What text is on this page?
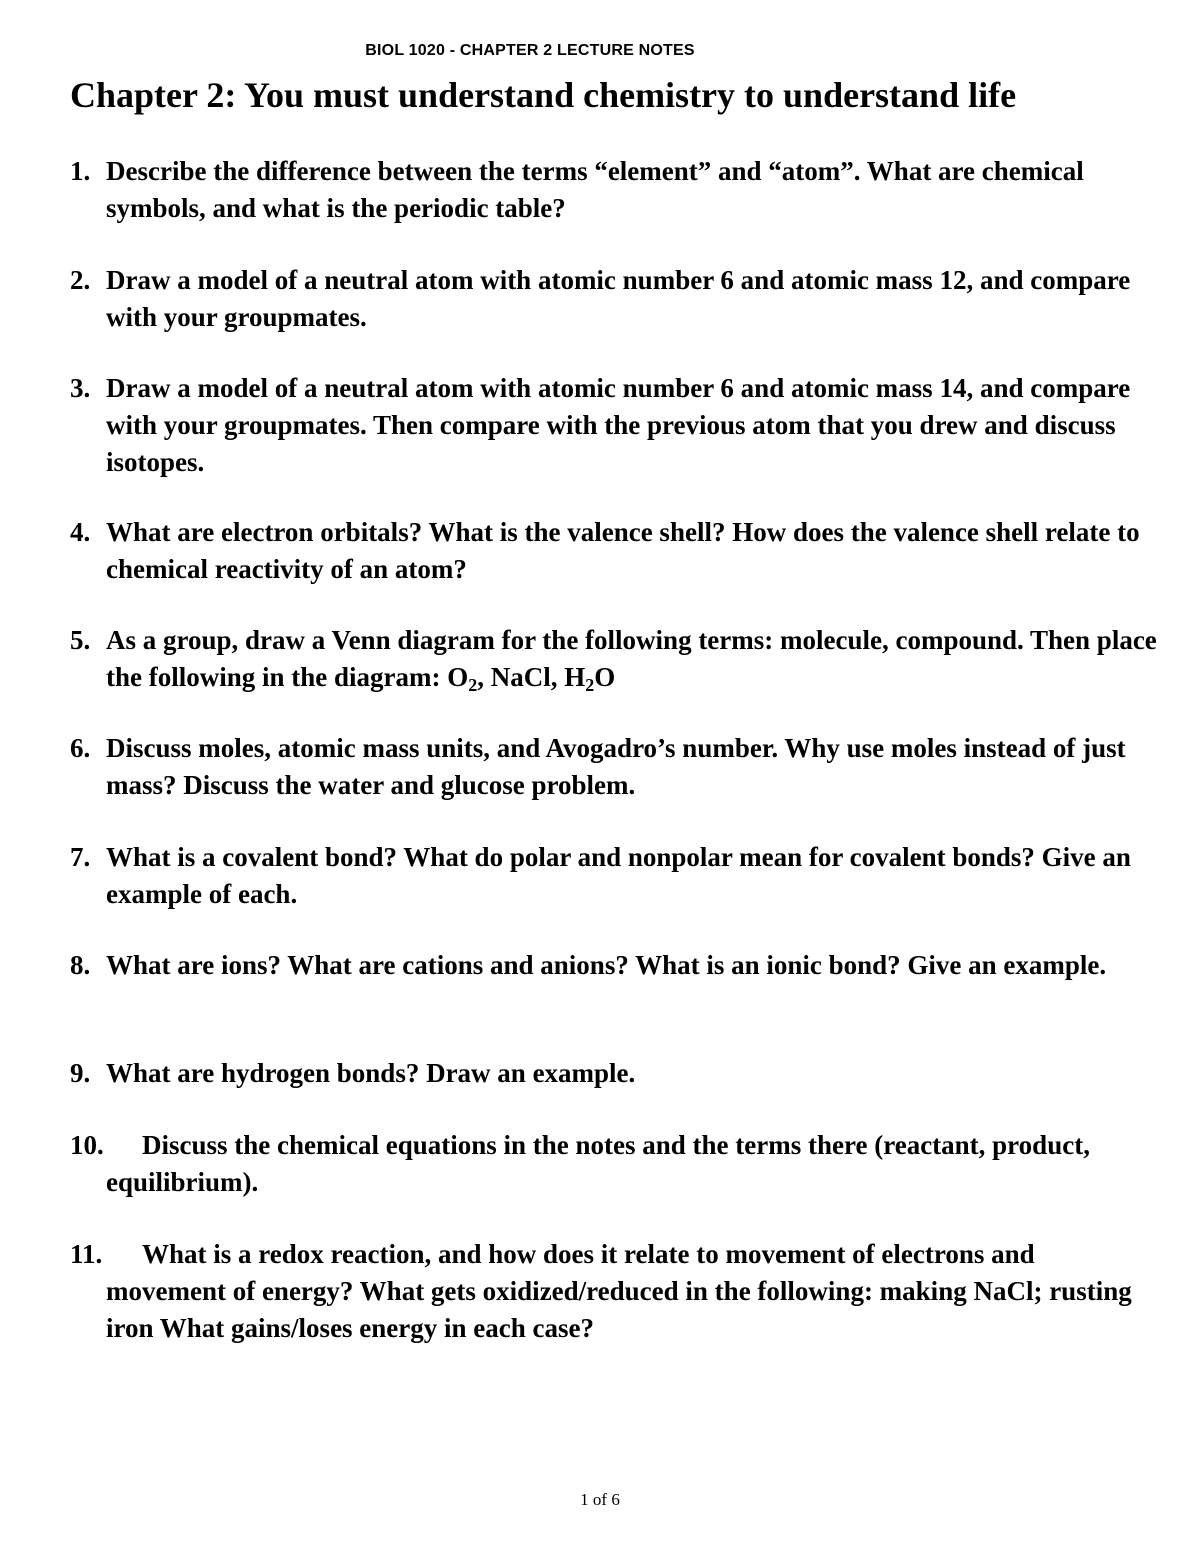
BIOL 1020 - CHAPTER 2 LECTURE NOTES
Chapter 2: You must understand chemistry to understand life
1. Describe the difference between the terms “element” and “atom”. What are chemical symbols, and what is the periodic table?
2. Draw a model of a neutral atom with atomic number 6 and atomic mass 12, and compare with your groupmates.
3. Draw a model of a neutral atom with atomic number 6 and atomic mass 14, and compare with your groupmates. Then compare with the previous atom that you drew and discuss isotopes.
4. What are electron orbitals? What is the valence shell? How does the valence shell relate to chemical reactivity of an atom?
5. As a group, draw a Venn diagram for the following terms: molecule, compound. Then place the following in the diagram: $O_2$, NaCl, $H_2O$
6. Discuss moles, atomic mass units, and Avogadro’s number. Why use moles instead of just mass? Discuss the water and glucose problem.
7. What is a covalent bond? What do polar and nonpolar mean for covalent bonds? Give an example of each.
8. What are ions? What are cations and anions? What is an ionic bond? Give an example.
9. What are hydrogen bonds? Draw an example.
10.	Discuss the chemical equations in the notes and the terms there (reactant, product, equilibrium).
11.	What is a redox reaction, and how does it relate to movement of electrons and movement of energy? What gets oxidized/reduced in the following: making NaCl; rusting iron What gains/loses energy in each case?
1 of 6
